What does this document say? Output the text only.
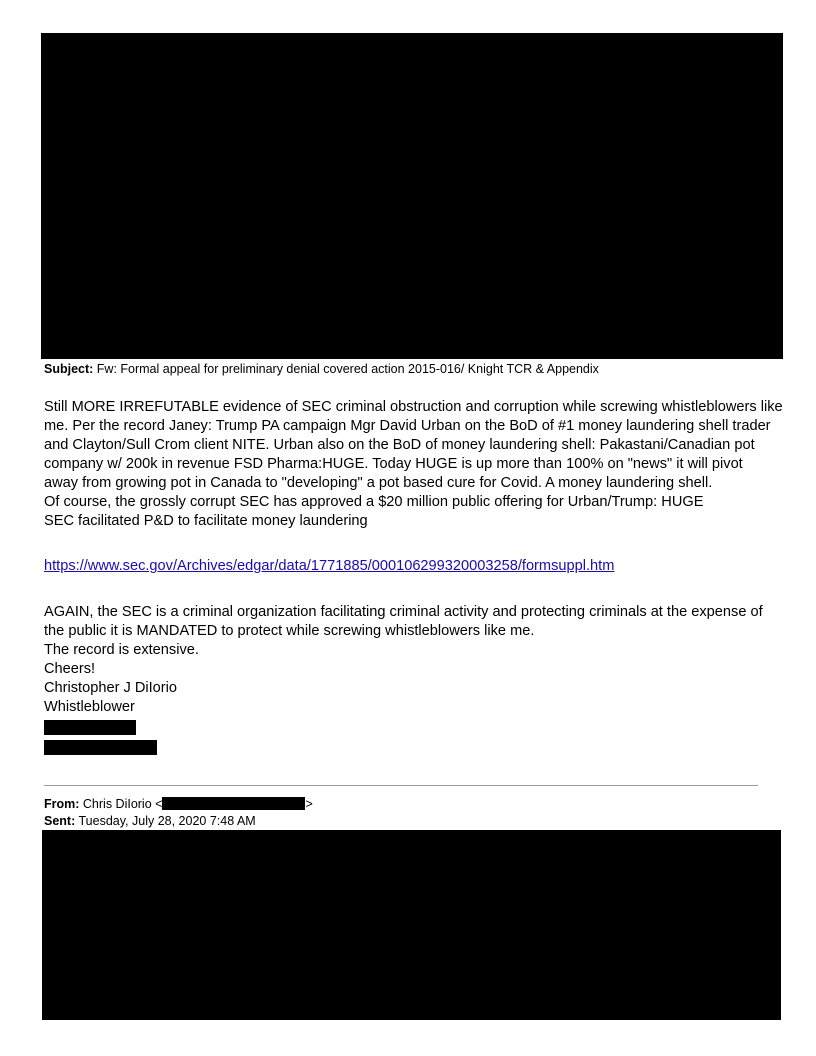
Subject: Fw: Formal appeal for preliminary denial covered action 2015-016/ Knight TCR & Appendix
Still MORE IRREFUTABLE evidence of SEC criminal obstruction and corruption while screwing whistleblowers like
me. Per the record Janey: Trump PA campaign Mgr David Urban on the BoD of #1 money laundering shell trader
and Clayton/Sull Crom client NITE. Urban also on the BoD of money laundering shell: Pakastani/Canadian pot
company w/ 200k in revenue FSD Pharma:HUGE. Today HUGE is up more than 100% on "news" it will pivot
away from growing pot in Canada to "developing" a pot based cure for Covid. A money laundering shell.
Of course, the grossly corrupt SEC has approved a $20 million public offering for Urban/Trump: HUGE
SEC facilitated P&D to facilitate money laundering
https://www.sec.gov/Archives/edgar/data/1771885/000106299320003258/formsuppl.htm
AGAIN, the SEC is a criminal organization facilitating criminal activity and protecting criminals at the expense of
the public it is MANDATED to protect while screwing whistleblowers like me.
The record is extensive.
Cheers!
Christopher J DiIorio
Whistleblower
From: Chris DiIorio <	>
Sent: Tuesday, July 28, 2020 7:48 AM
